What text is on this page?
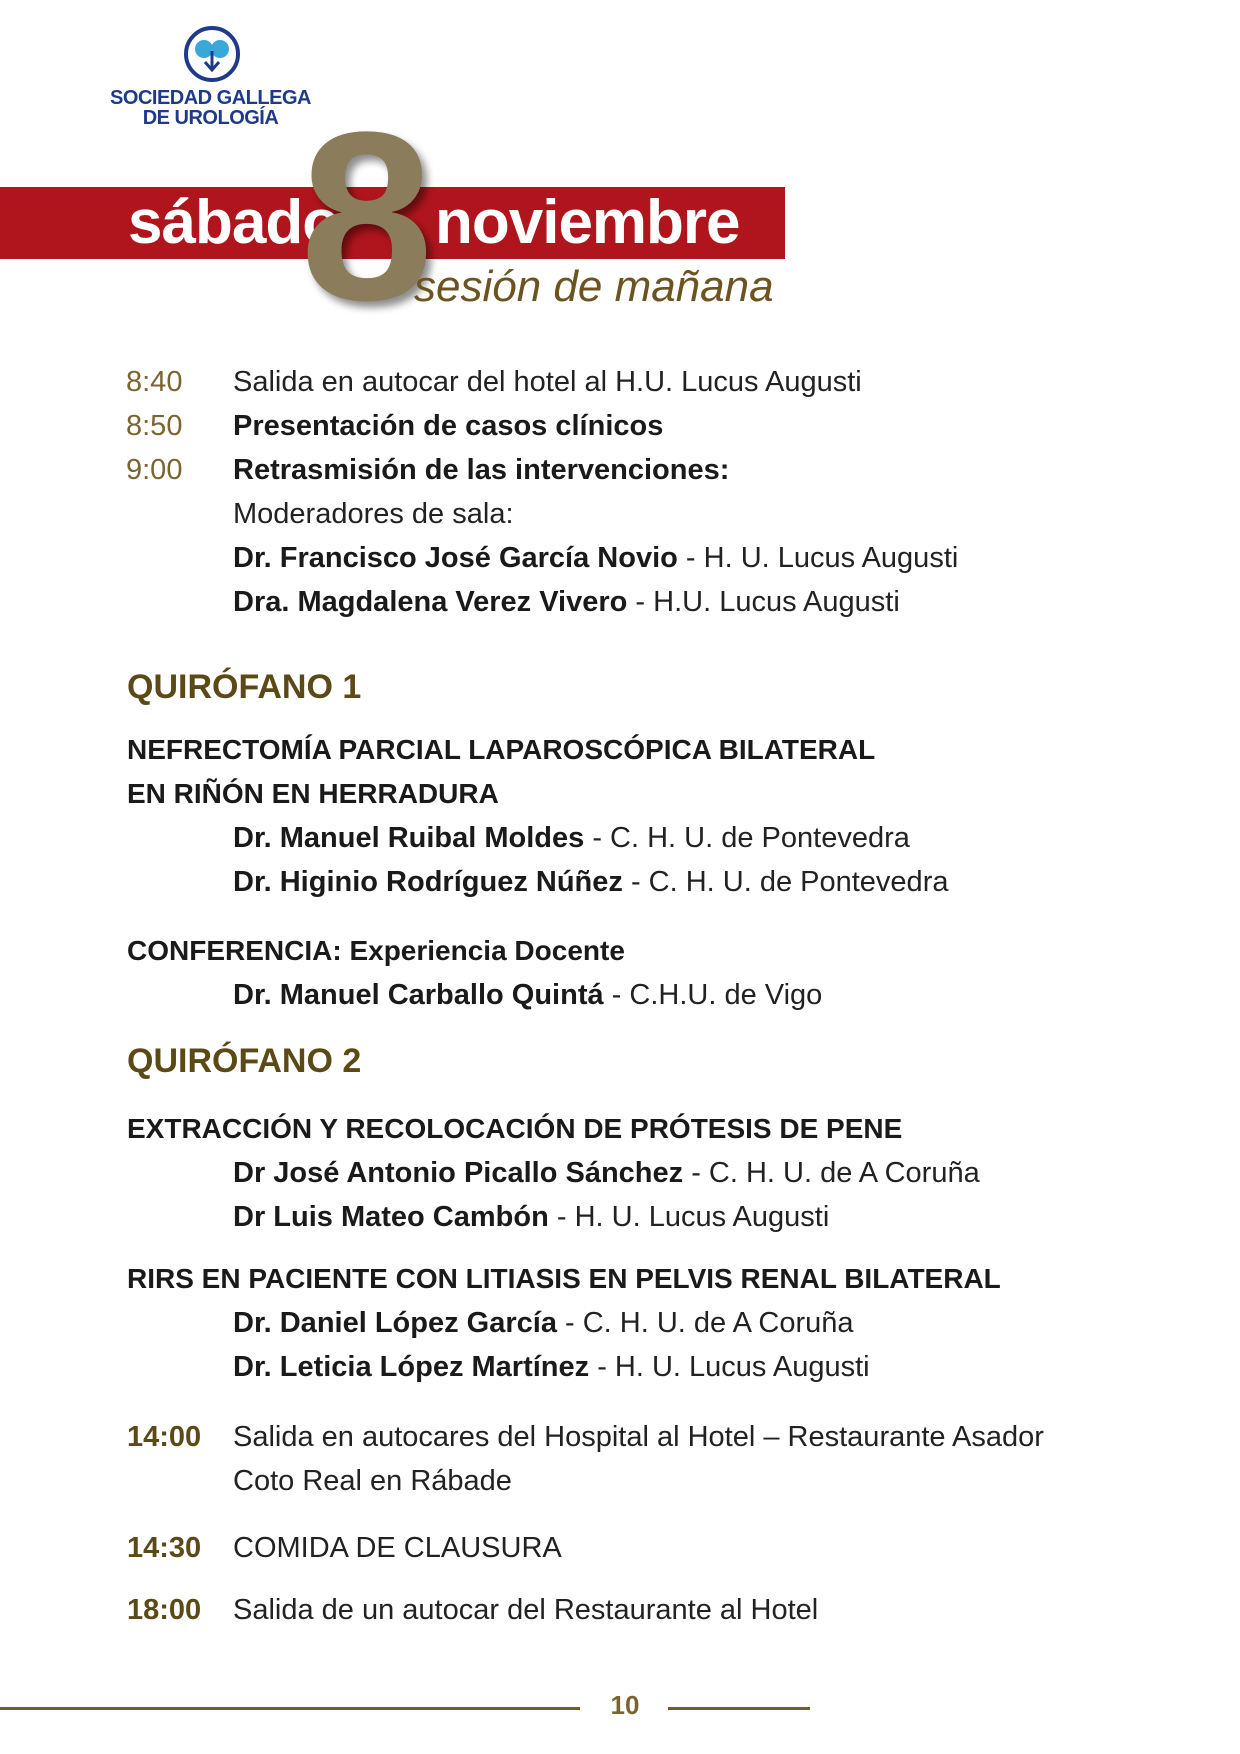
SOCIEDAD GALLEGA
DE UROLOGÍA
sábado
8 noviembre
sesión de mañana
8:40 Salida en autocar del hotel al H.U. Lucus Augusti
8:50 Presentación de casos clínicos
9:00 Retrasmisión de las intervenciones:
Moderadores de sala:
Dr. Francisco José García Novio - H. U. Lucus Augusti
Dra. Magdalena Verez Vivero - H.U. Lucus Augusti
QUIRÓFANO 1
NEFRECTOMÍA PARCIAL LAPAROSCÓPICA BILATERAL
EN RIÑÓN EN HERRADURA
Dr. Manuel Ruibal Moldes - C. H. U. de Pontevedra
Dr. Higinio Rodríguez Núñez - C. H. U. de Pontevedra
CONFERENCIA: Experiencia Docente
Dr. Manuel Carballo Quintá - C.H.U. de Vigo
QUIRÓFANO 2
EXTRACCIÓN Y RECOLOCACIÓN DE PRÓTESIS DE PENE
Dr José Antonio Picallo Sánchez - C. H. U. de A Coruña
Dr Luis Mateo Cambón - H. U. Lucus Augusti
RIRS EN PACIENTE CON LITIASIS EN PELVIS RENAL BILATERAL
Dr. Daniel López García - C. H. U. de A Coruña
Dr. Leticia López Martínez - H. U. Lucus Augusti
14:00 Salida en autocares del Hospital al Hotel – Restaurante Asador
Coto Real en Rábade
14:30 COMIDA DE CLAUSURA
18:00 Salida de un autocar del Restaurante al Hotel
10
